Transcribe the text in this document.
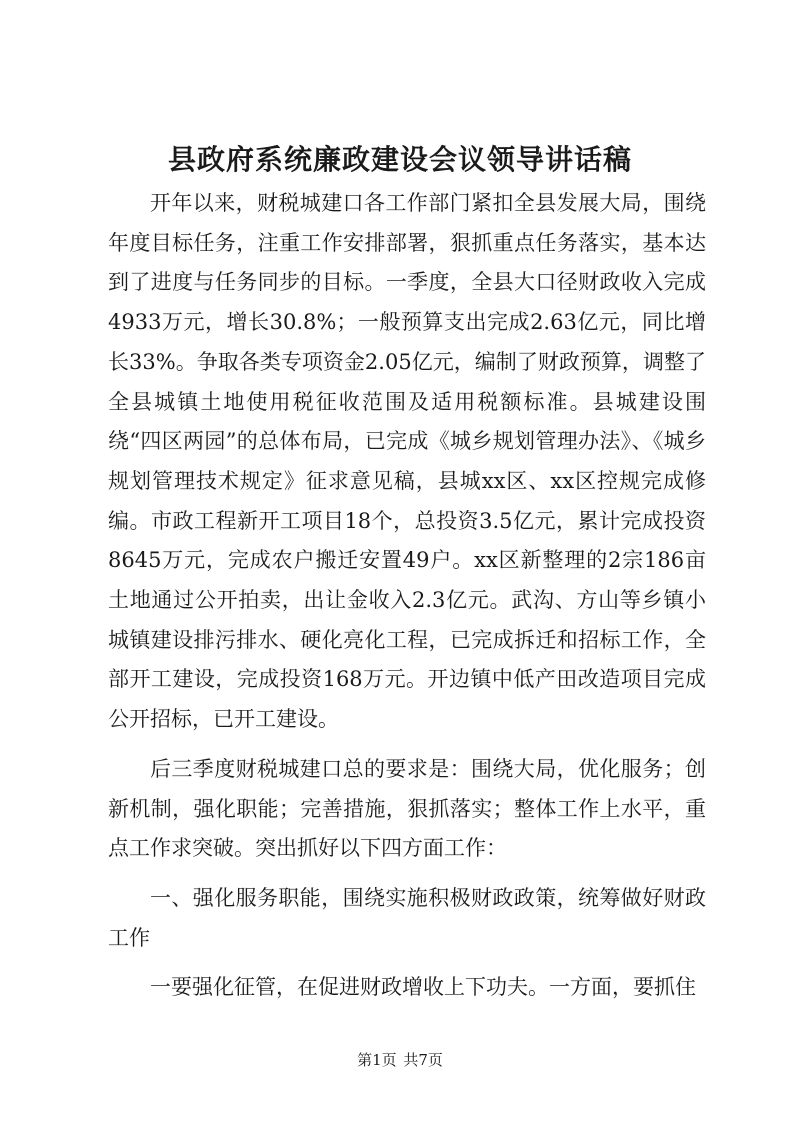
县政府系统廉政建设会议领导讲话稿

开年以来，财税城建口各工作部门紧扣全县发展大局，围绕年度目标任务，注重工作安排部署，狠抓重点任务落实，基本达到了进度与任务同步的目标。一季度，全县大口径财政收入完成4933万元，增长30.8%；一般预算支出完成2.63亿元，同比增长33%。争取各类专项资金2.05亿元，编制了财政预算，调整了全县城镇土地使用税征收范围及适用税额标准。县城建设围绕“四区两园”的总体布局，已完成《城乡规划管理办法》、《城乡规划管理技术规定》征求意见稿，县城xx区、xx区控规完成修编。市政工程新开工项目18个，总投资3.5亿元，累计完成投资8645万元，完成农户搬迁安置49户。xx区新整理的2宗186亩土地通过公开拍卖，出让金收入2.3亿元。武沟、方山等乡镇小城镇建设排污排水、硬化亮化工程，已完成拆迁和招标工作，全部开工建设，完成投资168万元。开边镇中低产田改造项目完成公开招标，已开工建设。

后三季度财税城建口总的要求是：围绕大局，优化服务；创新机制，强化职能；完善措施，狠抓落实；整体工作上水平，重点工作求突破。突出抓好以下四方面工作：

一、强化服务职能，围绕实施积极财政政策，统筹做好财政工作

一要强化征管，在促进财政增收上下功夫。一方面，要抓住

第1页 共7页
